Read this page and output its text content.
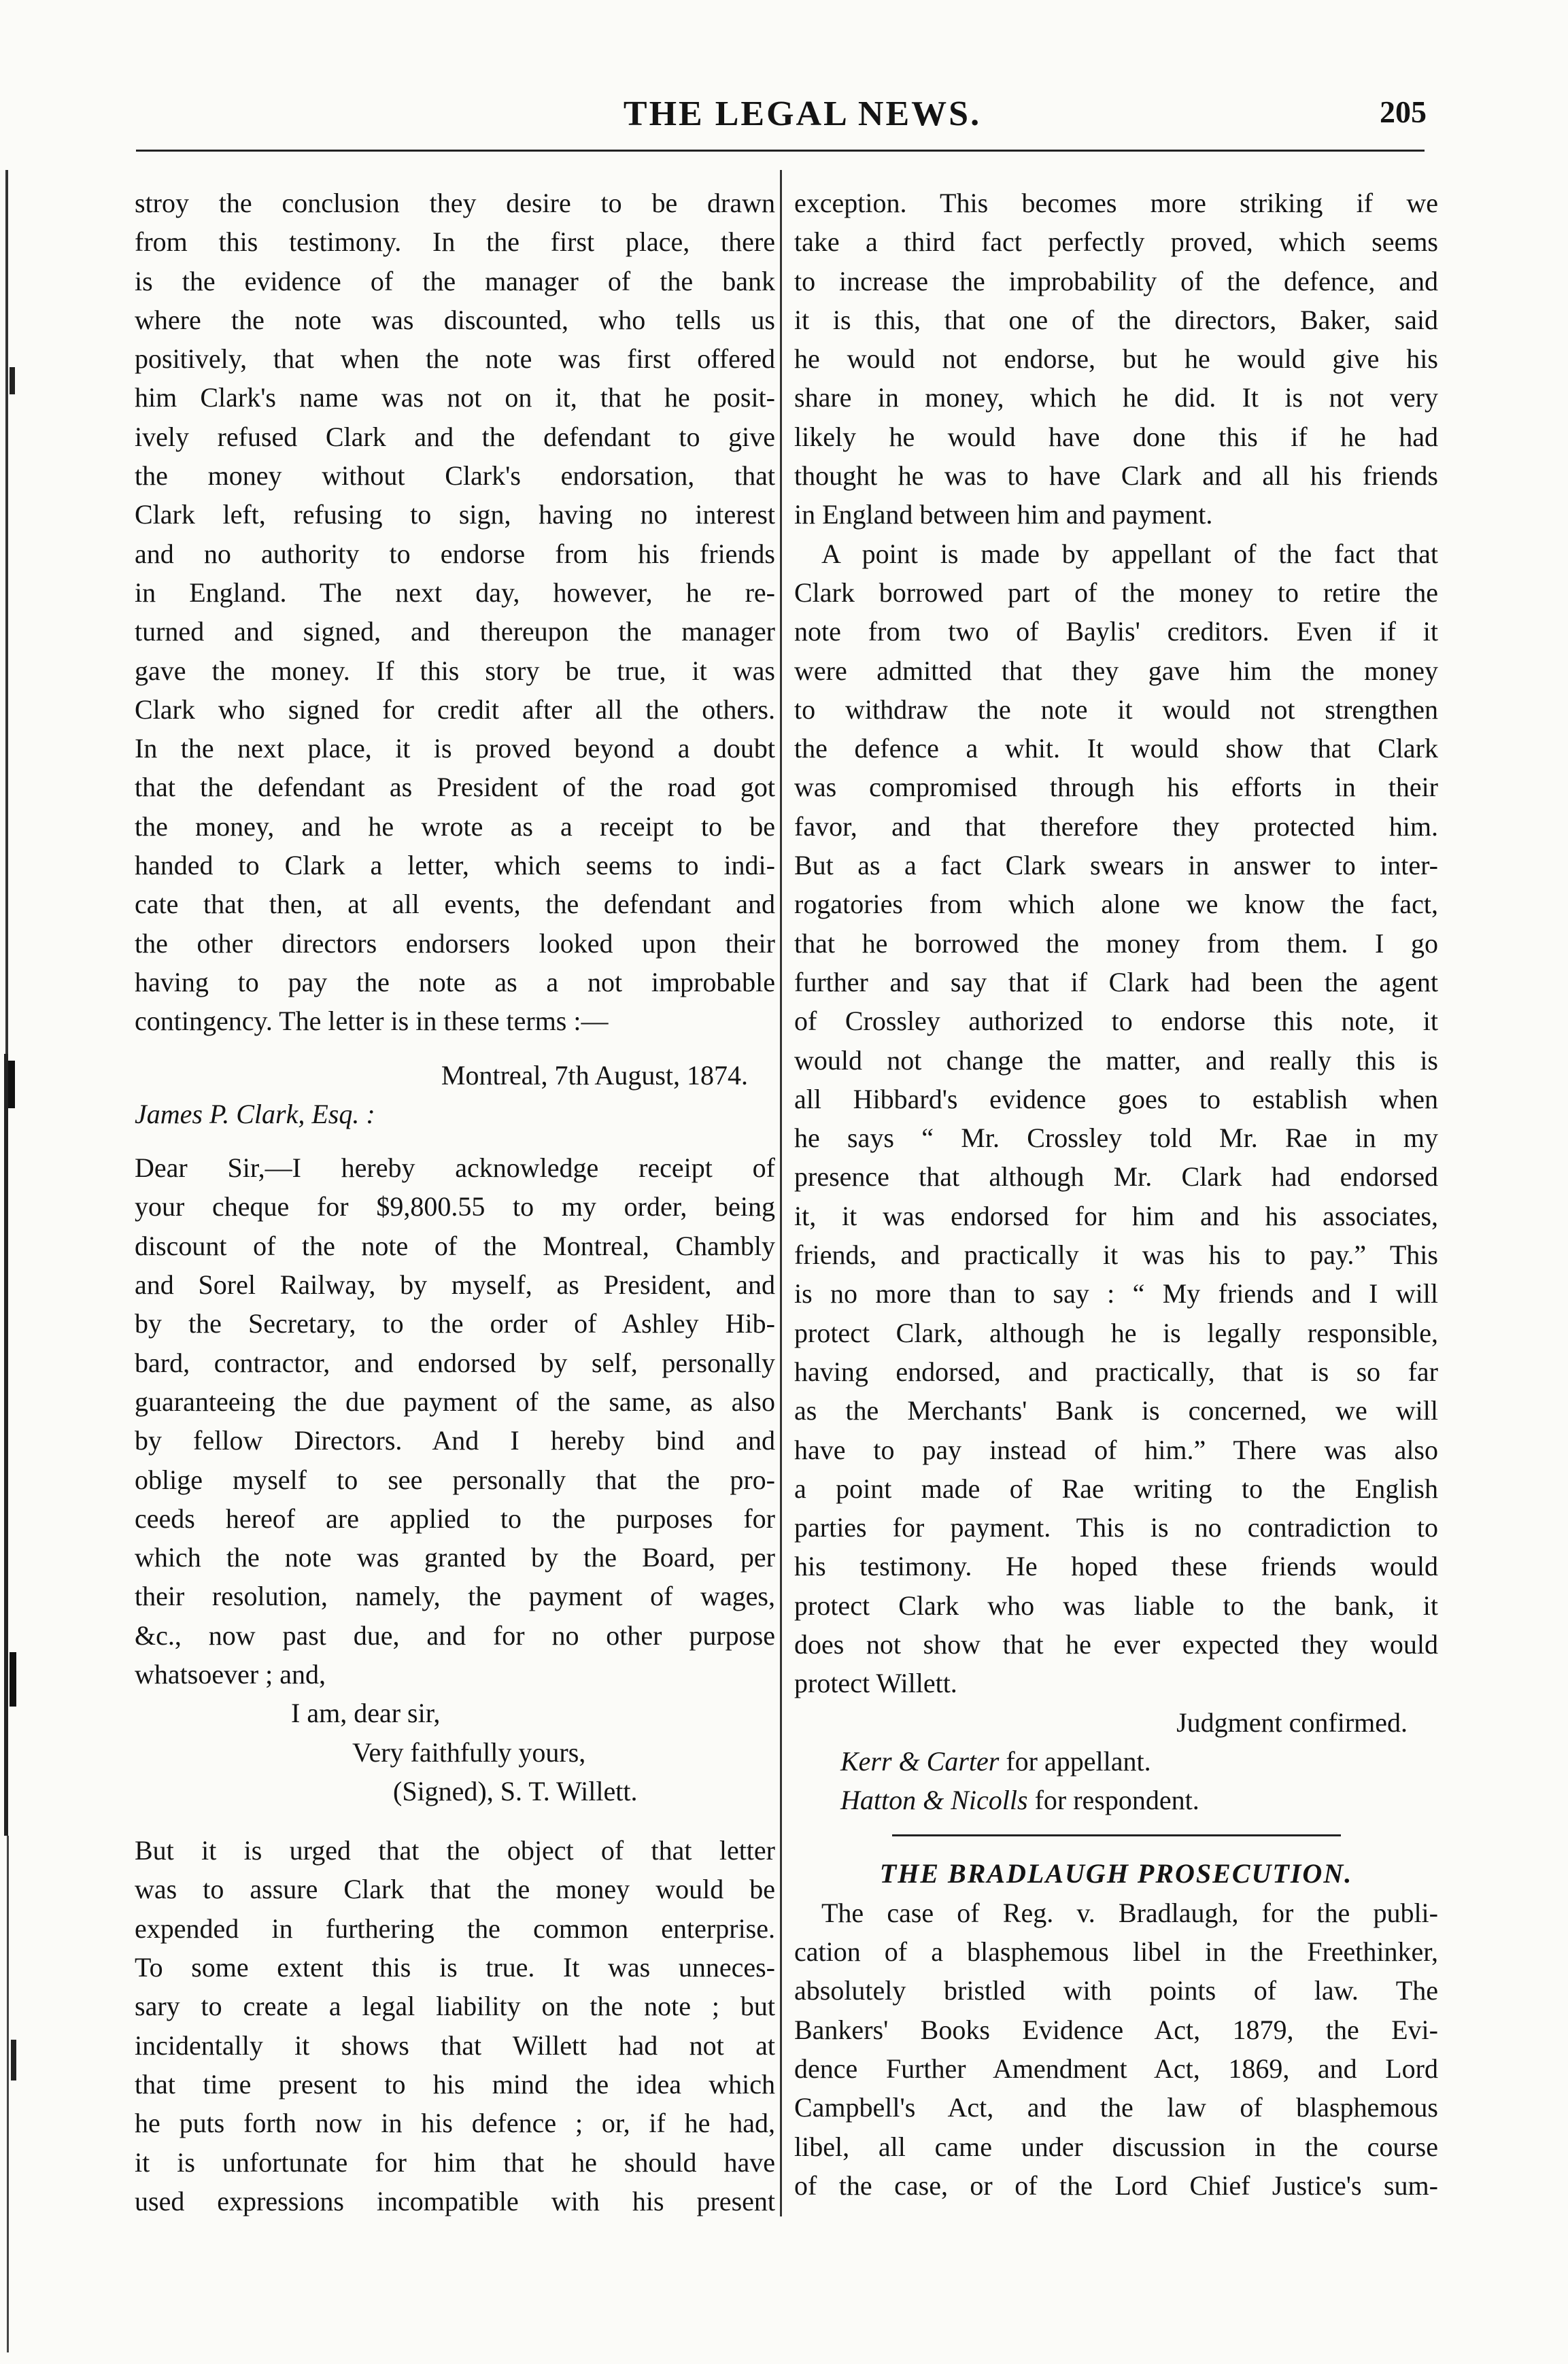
THE LEGAL NEWS.	205

stroy the conclusion they desire to be drawn
from this testimony. In the first place, there
is the evidence of the manager of the bank
where the note was discounted, who tells us
positively, that when the note was first offered
him Clark's name was not on it, that he posit-
ively refused Clark and the defendant to give
the money without Clark's endorsation, that
Clark left, refusing to sign, having no interest
and no authority to endorse from his friends
in England. The next day, however, he re-
turned and signed, and thereupon the manager
gave the money. If this story be true, it was
Clark who signed for credit after all the others.
In the next place, it is proved beyond a doubt
that the defendant as President of the road got
the money, and he wrote as a receipt to be
handed to Clark a letter, which seems to indi-
cate that then, at all events, the defendant and
the other directors endorsers looked upon their
having to pay the note as a not improbable
contingency. The letter is in these terms :—

Montreal, 7th August, 1874.

James P. Clark, Esq. :

Dear Sir,—I hereby acknowledge receipt of
your cheque for $9,800.55 to my order, being
discount of the note of the Montreal, Chambly
and Sorel Railway, by myself, as President, and
by the Secretary, to the order of Ashley Hib-
bard, contractor, and endorsed by self, personally
guaranteeing the due payment of the same, as also
by fellow Directors. And I hereby bind and
oblige myself to see personally that the pro-
ceeds hereof are applied to the purposes for
which the note was granted by the Board, per
their resolution, namely, the payment of wages,
&c., now past due, and for no other purpose
whatsoever ; and,

I am, dear sir,
Very faithfully yours,
(Signed), S. T. Willett.

But it is urged that the object of that letter
was to assure Clark that the money would be
expended in furthering the common enterprise.
To some extent this is true. It was unneces-
sary to create a legal liability on the note ; but
incidentally it shows that Willett had not at
that time present to his mind the idea which
he puts forth now in his defence ; or, if he had,
it is unfortunate for him that he should have
used expressions incompatible with his present

exception. This becomes more striking if we
take a third fact perfectly proved, which seems
to increase the improbability of the defence, and
it is this, that one of the directors, Baker, said
he would not endorse, but he would give his
share in money, which he did. It is not very
likely he would have done this if he had
thought he was to have Clark and all his friends
in England between him and payment.

A point is made by appellant of the fact that
Clark borrowed part of the money to retire the
note from two of Baylis' creditors. Even if it
were admitted that they gave him the money
to withdraw the note it would not strengthen
the defence a whit. It would show that Clark
was compromised through his efforts in their
favor, and that therefore they protected him.
But as a fact Clark swears in answer to inter-
rogatories from which alone we know the fact,
that he borrowed the money from them. I go
further and say that if Clark had been the agent
of Crossley authorized to endorse this note, it
would not change the matter, and really this is
all Hibbard's evidence goes to establish when
he says “ Mr. Crossley told Mr. Rae in my
presence that although Mr. Clark had endorsed
it, it was endorsed for him and his associates,
friends, and practically it was his to pay.” This
is no more than to say : “ My friends and I will
protect Clark, although he is legally responsible,
having endorsed, and practically, that is so far
as the Merchants' Bank is concerned, we will
have to pay instead of him.” There was also
a point made of Rae writing to the English
parties for payment. This is no contradiction to
his testimony. He hoped these friends would
protect Clark who was liable to the bank, it
does not show that he ever expected they would
protect Willett.

Judgment confirmed.

Kerr & Carter for appellant.

Hatton & Nicolls for respondent.

THE BRADLAUGH PROSECUTION.

The case of Reg. v. Bradlaugh, for the publi-
cation of a blasphemous libel in the Freethinker,
absolutely bristled with points of law. The
Bankers' Books Evidence Act, 1879, the Evi-
dence Further Amendment Act, 1869, and Lord
Campbell's Act, and the law of blasphemous
libel, all came under discussion in the course
of the case, or of the Lord Chief Justice's sum-
